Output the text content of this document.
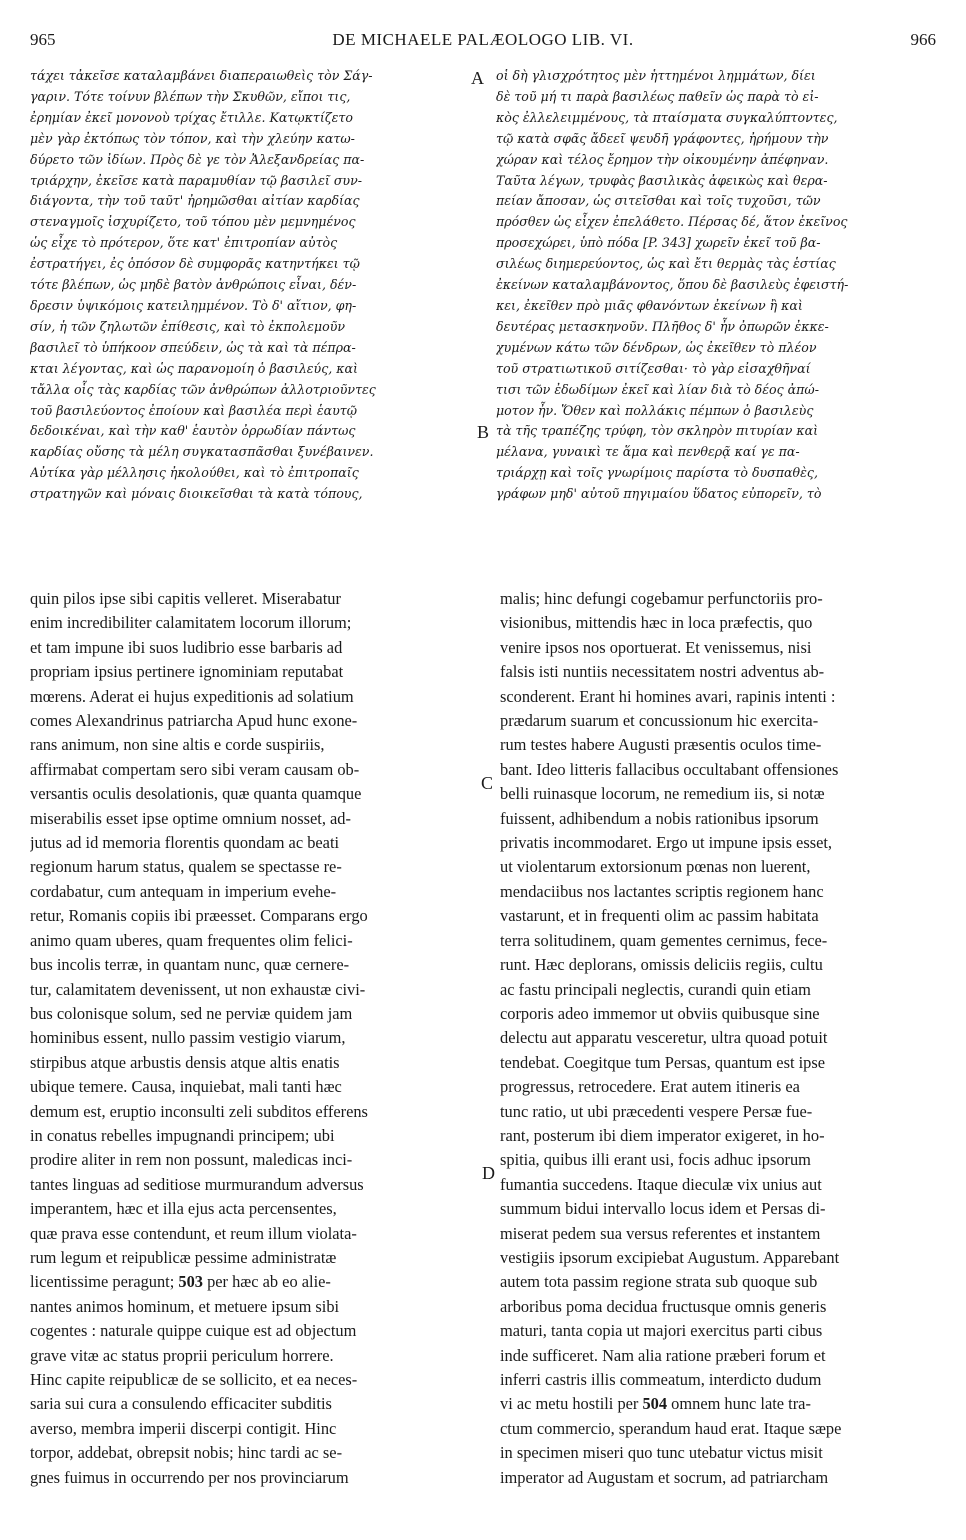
965	DE MICHAELE PALÆOLOGO LIB. VI.	966
τάχει τἀκεῖσε καταλαμβάνει διαπεραιωθεὶς τὸν Σάγ-
γαριν. Τότε τοίνυν βλέπων τὴν Σκυθῶν, εἴποι τις,
ἐρημίαν ἐκεῖ μονονοὺ τρίχας ἔτιλλε. Κατῳκτίζετο
μὲν γὰρ ἐκτόπως τὸν τόπον, καὶ τὴν χλεύην κατω-
δύρετο τῶν ἰδίων. Πρὸς δὲ γε τὸν Ἀλεξανδρείας πα-
τριάρχην, ἐκεῖσε κατὰ παραμυθίαν τῷ βασιλεῖ συν-
διάγοντα, τὴν τοῦ ταῦτ' ἠρημῶσθαι αἰτίαν καρδίας
στεναγμοῖς ἰσχυρίζετο, τοῦ τόπου μὲν μεμνημένος
ὡς εἶχε τὸ πρότερον, ὅτε κατ' ἐπιτροπίαν αὐτὸς
ἐστρατήγει, ἐς ὁπόσον δὲ συμφορᾶς κατηντήκει τῷ
τότε βλέπων, ὡς μηδὲ βατὸν ἀνθρώποις εἶναι, δέν-
δρεσιν ὑψικόμοις κατειλημμένον. Τὸ δ' αἴτιον, φη-
σίν, ἡ τῶν ζηλωτῶν ἐπίθεσις, καὶ τὸ ἐκπολεμοῦν
βασιλεῖ τὸ ὑπήκοον σπεύδειν, ὡς τὰ καὶ τὰ πέπρα-
κται λέγοντας, καὶ ὡς παρανομοίη ὁ βασιλεύς, καὶ
τἄλλα οἷς τὰς καρδίας τῶν ἀνθρώπων ἀλλοτριοῦντες
τοῦ βασιλεύοντος ἐποίουν καὶ βασιλέα περὶ ἑαυτῷ
δεδοικέναι, καὶ τὴν καθ' ἑαυτὸν ὀρρωδίαν πάντως
καρδίας οὔσης τὰ μέλη συγκατασπᾶσθαι ξυνέβαινεν.
Αὐτίκα γὰρ μέλλησις ἠκολούθει, καὶ τὸ ἐπιτροπαῖς
στρατηγῶν καὶ μόναις διοικεῖσθαι τὰ κατὰ τόπους,
οἱ δὴ γλισχρότητος μὲν ἡττημένοι λημμάτων, δίει
δὲ τοῦ μή τι παρὰ βασιλέως παθεῖν ὡς παρὰ τὸ εἰ-
κὸς ἐλλελειμμένους, τὰ πταίσματα συγκαλύπτοντες,
τῷ κατὰ σφᾶς ἄδεεῖ ψευδῆ γράφοντες, ἠρήμουν τὴν
χώραν καὶ τέλος ἔρημον τὴν οἰκουμένην ἀπέφηναν.
Ταῦτα λέγων, τρυφὰς βασιλικὰς ἀφεικὼς καὶ θερα-
πείαν ἄποσαν, ὡς σιτεῖσθαι καὶ τοῖς τυχοῦσι, τῶν
πρόσθεν ὡς εἶχεν ἐπελάθετο. Πέρσας δέ, ἅτον ἐκεῖνος
προσεχώρει, ὑπὸ πόδα [P. 343] χωρεῖν ἐκεῖ τοῦ βα-
σιλέως διημερεύοντος, ὡς καὶ ἔτι θερμὰς τὰς ἑστίας
ἐκείνων καταλαμβάνοντος, ὅπου δὲ βασιλεὺς ἐφειστή-
κει, ἐκεῖθεν πρὸ μιᾶς φθανόντων ἐκείνων ἢ καὶ
δευτέρας μετασκηνοῦν. Πλῆθος δ' ἦν ὀπωρῶν ἐκκε-
χυμένων κάτω τῶν δένδρων, ὡς ἐκεῖθεν τὸ πλέον
τοῦ στρατιωτικοῦ σιτίζεσθαι· τὸ γὰρ εἰσαχθῆναί
τισι τῶν ἐδωδίμων ἐκεῖ καὶ λίαν διὰ τὸ δέος ἀπώ-
μοτον ἦν. Ὅθεν καὶ πολλάκις πέμπων ὁ βασιλεὺς
τὰ τῆς τραπέζης τρύφη, τὸν σκληρὸν πιτυρίαν καὶ
μέλανα, γυναικὶ τε ἅμα καὶ πενθερᾷ καί γε πα-
τριάρχῃ καὶ τοῖς γνωρίμοις παρίστα τὸ δυσπαθὲς,
γράφων μηδ' αὐτοῦ πηγιμαίου ὕδατος εὐπορεῖν, τὸ
quin pilos ipse sibi capitis velleret. Miserabatur
enim incredibiliter calamitatem locorum illorum;
et tam impune ibi suos ludibrio esse barbaris ad
propriam ipsius pertinere ignominiam reputabat
mœrens. Aderat ei hujus expeditionis ad solatium
comes Alexandrinus patriarcha Apud hunc exone-
rans animum, non sine altis e corde suspiriis,
affirmabat compertam sero sibi veram causam ob-
versantis oculis desolationis, quæ quanta quamque
miserabilis esset ipse optime omnium nosset, ad-
jutus ad id memoria florentis quondam ac beati
regionum harum status, qualem se spectasse re-
cordabatur, cum antequam in imperium evehe-
retur, Romanis copiis ibi præesset. Comparans ergo
animo quam uberes, quam frequentes olim felici-
bus incolis terræ, in quantam nunc, quæ cernere-
tur, calamitatem devenissent, ut non exhaustæ civi-
bus colonisque solum, sed ne perviæ quidem jam
hominibus essent, nullo passim vestigio viarum,
stirpibus atque arbustis densis atque altis enatis
ubique temere. Causa, inquiebat, mali tanti hæc
demum est, eruptio inconsulti zeli subditos efferens
in conatus rebelles impugnandi principem; ubi
prodire aliter in rem non possunt, maledicas inci-
tantes linguas ad seditiose murmurandum adversus
imperantem, hæc et illa ejus acta percensentes,
quæ prava esse contendunt, et reum illum violata-
rum legum et reipublicæ pessime administratæ
licentissime peragunt; 503 per hæc ab eo alie-
nantes animos hominum, et metuere ipsum sibi
cogentes : naturale quippe cuique est ad objectum
grave vitæ ac status proprii periculum horrere.
Hinc capite reipublicæ de se sollicito, et ea neces-
saria sui cura a consulendo efficaciter subditis
averso, membra imperii discerpi contigit. Hinc
torpor, addebat, obrepsit nobis; hinc tardi ac se-
gnes fuimus in occurrendo per nos provinciarum
malis; hinc defungi cogebamur perfunctoriis pro-
visionibus, mittendis hæc in loca præfectis, quo
venire ipsos nos oportuerat. Et venissemus, nisi
falsis isti nuntiis necessitatem nostri adventus ab-
sconderent. Erant hi homines avari, rapinis intenti :
prædarum suarum et concussionum hic exercita-
rum testes habere Augusti præsentis oculos time-
bant. Ideo litteris fallacibus occultabant offensiones
belli ruinasque locorum, ne remedium iis, si notæ
fuissent, adhibendum a nobis rationibus ipsorum
privatis incommodaret. Ergo ut impune ipsis esset,
ut violentarum extorsionum pœnas non luerent,
mendaciibus nos lactantes scriptis regionem hanc
vastarunt, et in frequenti olim ac passim habitata
terra solitudinem, quam gementes cernimus, fece-
runt. Hæc deplorans, omissis deliciis regiis, cultu
ac fastu principali neglectis, curandi quin etiam
corporis adeo immemor ut obviis quibusque sine
delectu aut apparatu vesceretur, ultra quoad potuit
tendebat. Coegitque tum Persas, quantum est ipse
progressus, retrocedere. Erat autem itineris ea
tunc ratio, ut ubi præcedenti vespere Persæ fue-
rant, posterum ibi diem imperator exigeret, in ho-
spitia, quibus illi erant usi, focis adhuc ipsorum
fumantia succedens. Itaque dieculæ vix unius aut
summum bidui intervallo locus idem et Persas di-
miserat pedem sua versus referentes et instantem
vestigiis ipsorum excipiebat Augustum. Apparebant
autem tota passim regione strata sub quoque sub
arboribus poma decidua fructusque omnis generis
maturi, tanta copia ut majori exercitus parti cibus
inde sufficeret. Nam alia ratione præberi forum et
inferri castris illis commeatum, interdicto dudum
vi ac metu hostili per 504 omnem hunc late tra-
ctum commercio, sperandum haud erat. Itaque sæpe
in specimen miseri quo tunc utebatur victus misit
imperator ad Augustam et socrum, ad patriarcham
A
B
C
D
